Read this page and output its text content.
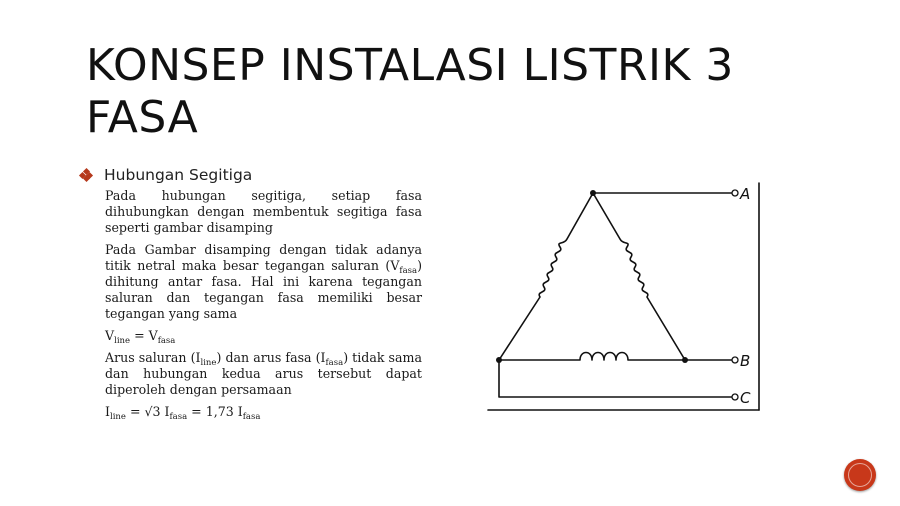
KONSEP INSTALASI LISTRIK 3 FASA
Hubungan Segitiga

Pada hubungan segitiga, setiap fasa dihubungkan dengan membentuk segitiga fasa seperti gambar disamping

Pada Gambar disamping dengan tidak adanya titik netral maka besar tegangan saluran $(V_{fasa})$ dihitung antar fasa. Hal ini karena tegangan saluran dan tegangan fasa memiliki besar tegangan yang sama

$V_{line} = V_{fasa}$

Arus saluran $(I_{line})$ dan arus fasa $(I_{fasa})$ tidak sama dan hubungan kedua arus tersebut dapat diperoleh dengan persamaan

$I_{line} = √3$ $I_{fasa} = 1,73$ $I_{fasa}$

A
B
C
